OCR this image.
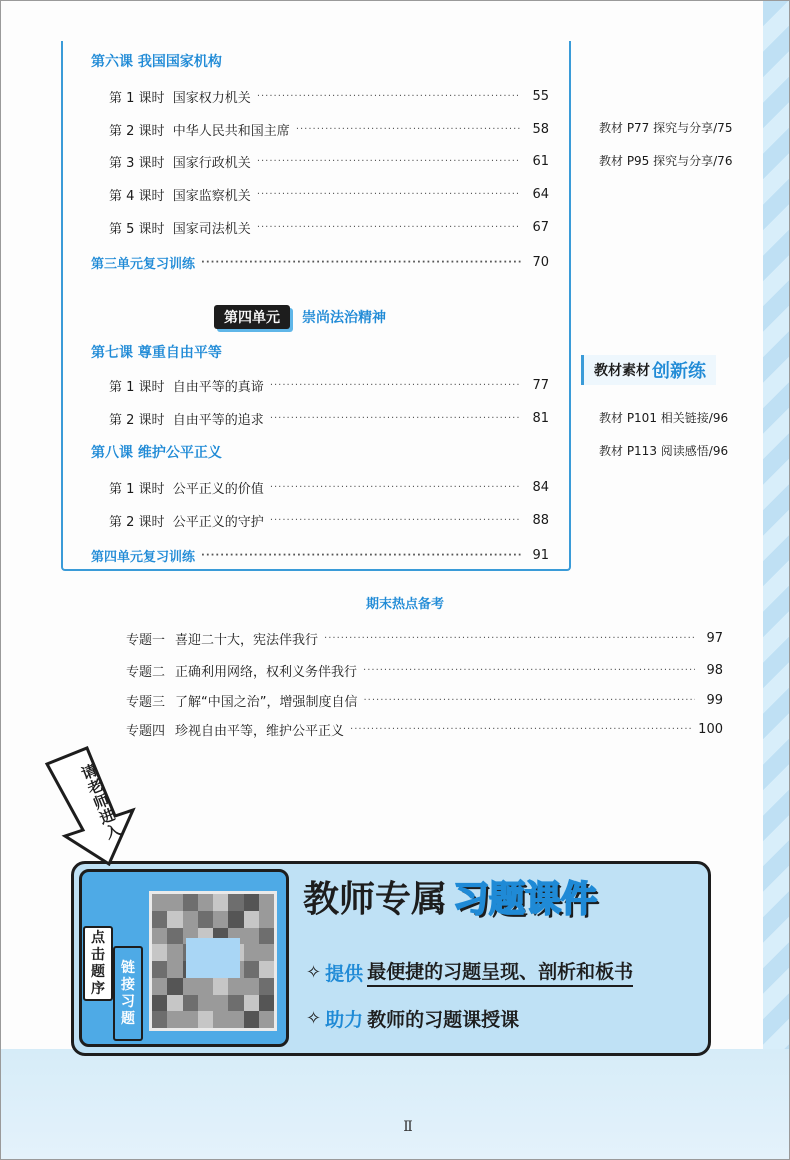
第六课 我国国家机构
第 1 课时  国家权力机关 ·····	55
第 2 课时  中华人民共和国主席 ·····	58
第 3 课时  国家行政机关 ·····	61
第 4 课时  国家监察机关 ·····	64
第 5 课时  国家司法机关 ·····	67
第三单元复习训练 ·····	70
第四单元	崇尚法治精神
第七课 尊重自由平等
第 1 课时  自由平等的真谛 ·····	77
第 2 课时  自由平等的追求 ·····	81
第八课 维护公平正义
第 1 课时  公平正义的价值 ·····	84
第 2 课时  公平正义的守护 ·····	88
第四单元复习训练 ·····	91
教材 P77 探究与分享/75
教材 P95 探究与分享/76
教材素材 创新练
教材 P101 相关链接/96
教材 P113 阅读感悟/96
期末热点备考
专题一 喜迎二十大，宪法伴我行 ·····	97
专题二 正确利用网络，权利义务伴我行 ·····	98
专题三 了解“中国之治”，增强制度自信 ·····	99
专题四 珍视自由平等，维护公平正义 ·····	100
请老师进入
点
击
题
序
链
接
习
题
教师专属 习题课件
✧ 提供 最便捷的习题呈现、剖析和板书
✧ 助力 教师的习题课授课
Ⅱ
